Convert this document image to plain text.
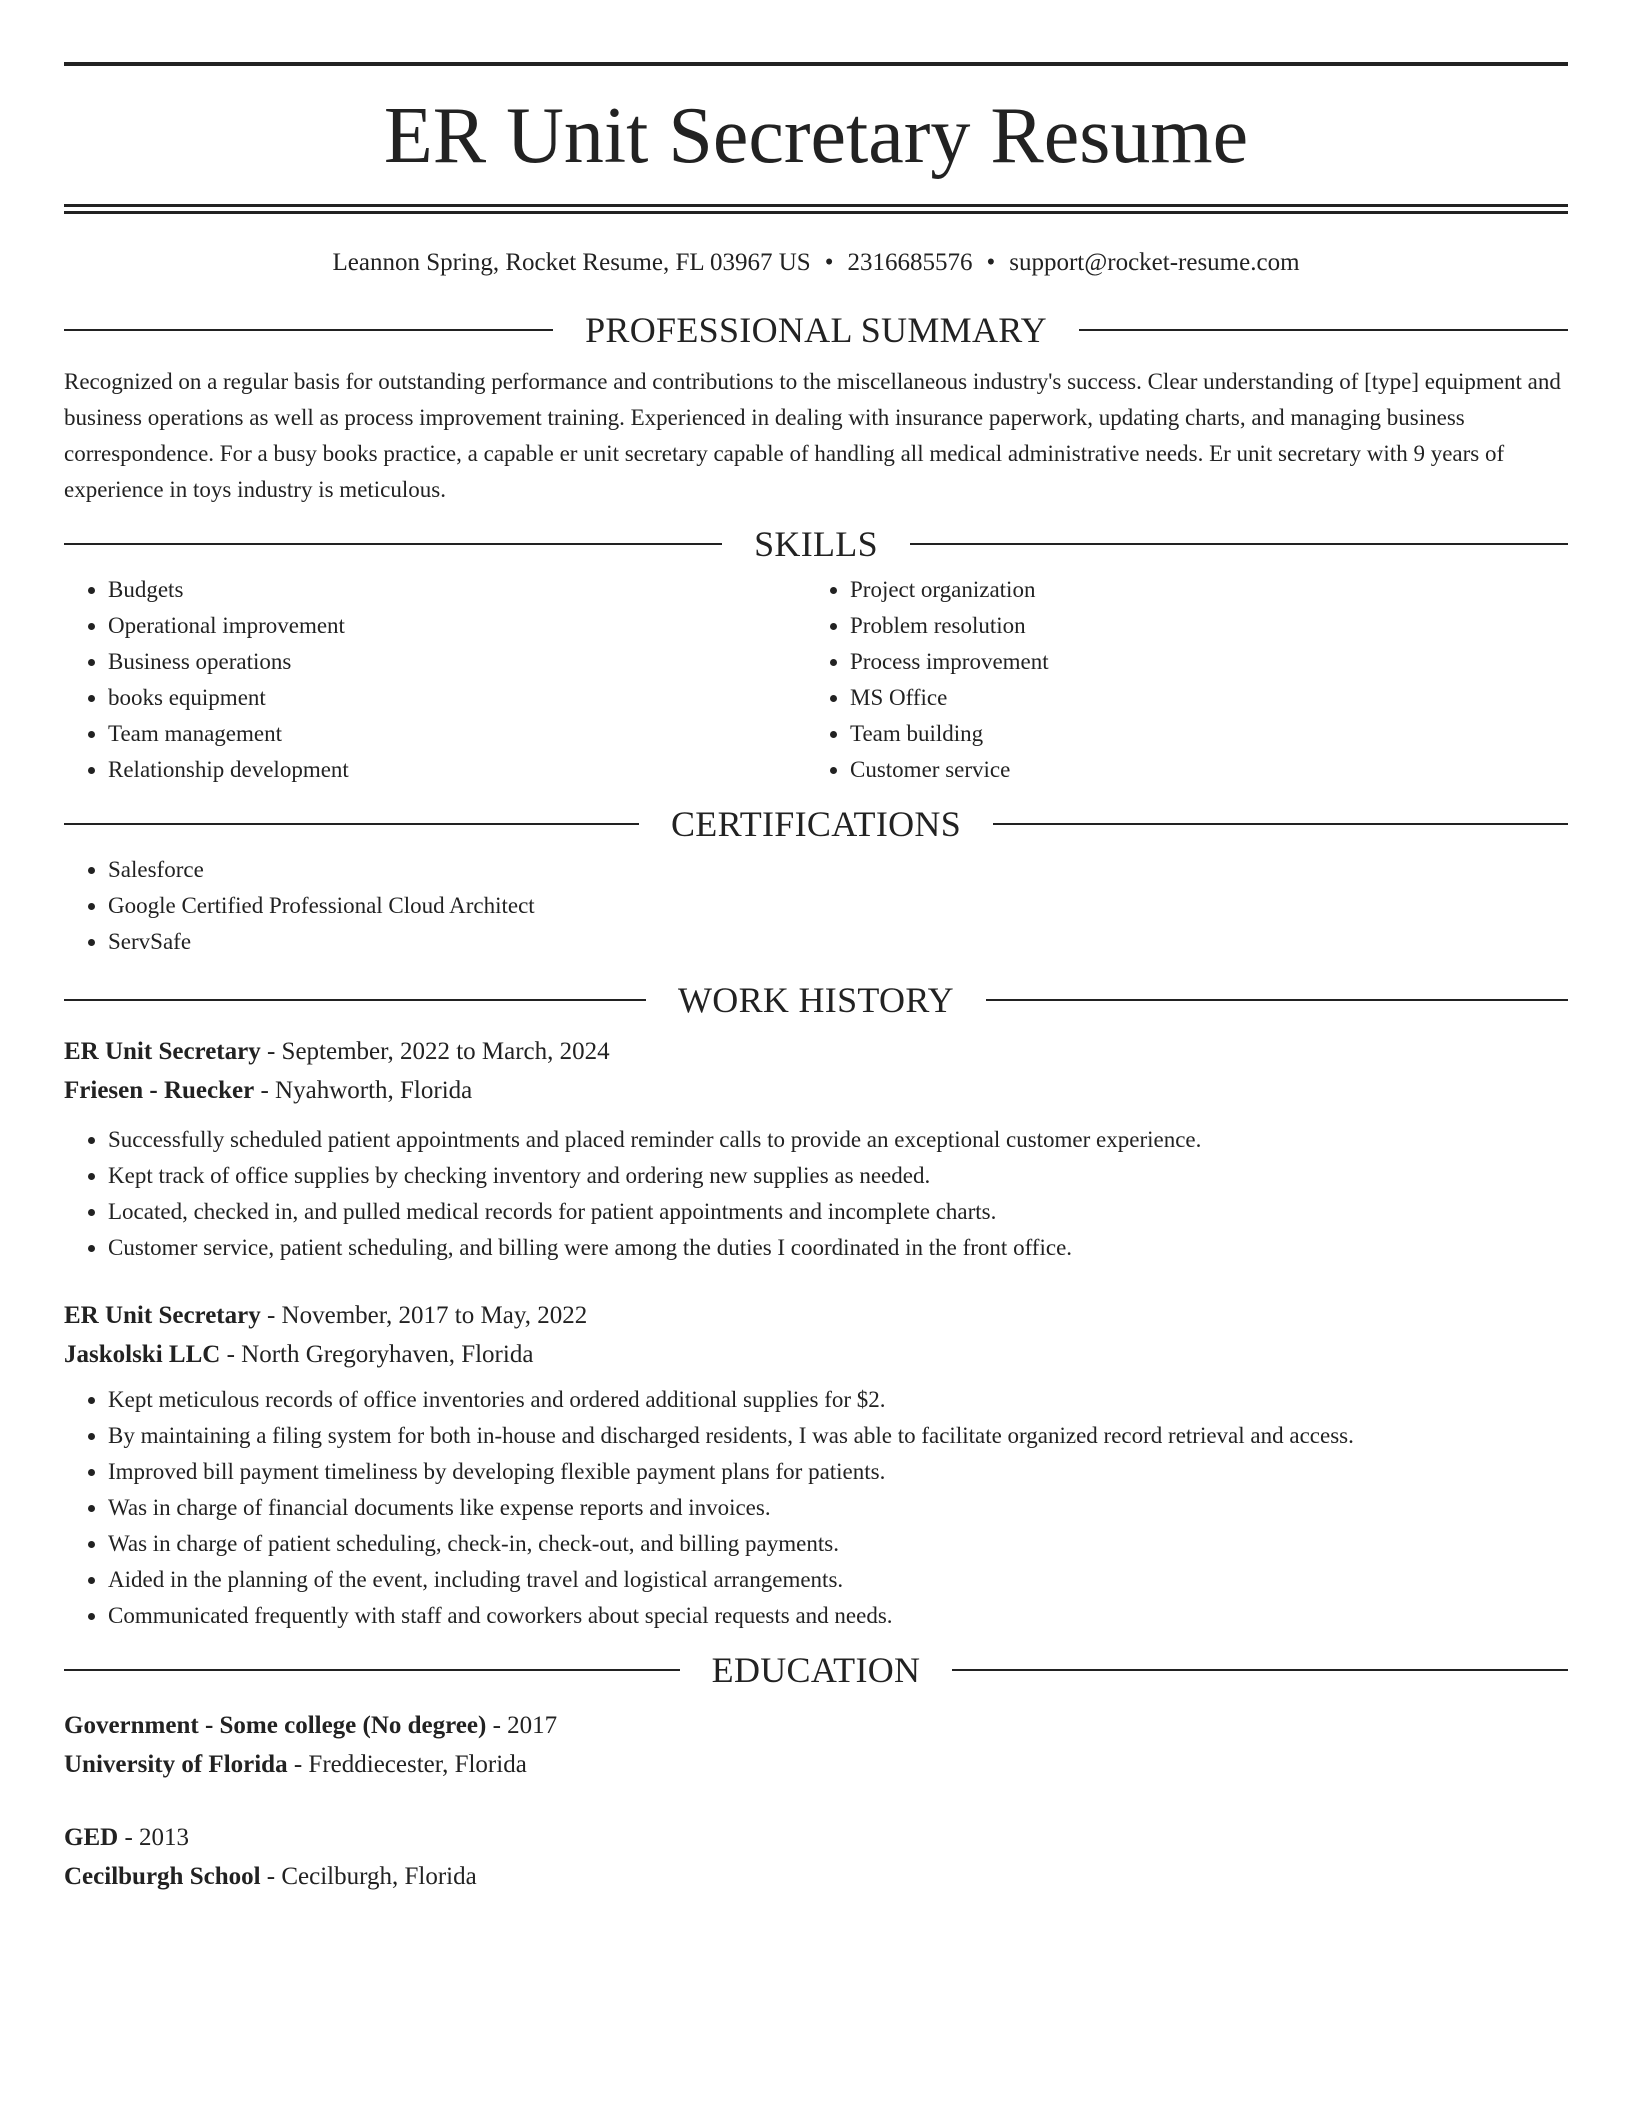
ER Unit Secretary Resume
Leannon Spring, Rocket Resume, FL 03967 US • 2316685576 • support@rocket-resume.com
PROFESSIONAL SUMMARY

Recognized on a regular basis for outstanding performance and contributions to the miscellaneous industry's success. Clear understanding of [type] equipment and business operations as well as process improvement training. Experienced in dealing with insurance paperwork, updating charts, and managing business correspondence. For a busy books practice, a capable er unit secretary capable of handling all medical administrative needs. Er unit secretary with 9 years of experience in toys industry is meticulous.

SKILLS
• Budgets
• Operational improvement
• Business operations
• books equipment
• Team management
• Relationship development
• Project organization
• Problem resolution
• Process improvement
• MS Office
• Team building
• Customer service
CERTIFICATIONS
• Salesforce
• Google Certified Professional Cloud Architect
• ServSafe
WORK HISTORY
ER Unit Secretary - September, 2022 to March, 2024
Friesen - Ruecker - Nyahworth, Florida
• Successfully scheduled patient appointments and placed reminder calls to provide an exceptional customer experience.
• Kept track of office supplies by checking inventory and ordering new supplies as needed.
• Located, checked in, and pulled medical records for patient appointments and incomplete charts.
• Customer service, patient scheduling, and billing were among the duties I coordinated in the front office.
ER Unit Secretary - November, 2017 to May, 2022
Jaskolski LLC - North Gregoryhaven, Florida
• Kept meticulous records of office inventories and ordered additional supplies for $2.
• By maintaining a filing system for both in-house and discharged residents, I was able to facilitate organized record retrieval and access.
• Improved bill payment timeliness by developing flexible payment plans for patients.
• Was in charge of financial documents like expense reports and invoices.
• Was in charge of patient scheduling, check-in, check-out, and billing payments.
• Aided in the planning of the event, including travel and logistical arrangements.
• Communicated frequently with staff and coworkers about special requests and needs.
EDUCATION
Government - Some college (No degree) - 2017
University of Florida - Freddiecester, Florida
GED - 2013
Cecilburgh School - Cecilburgh, Florida
